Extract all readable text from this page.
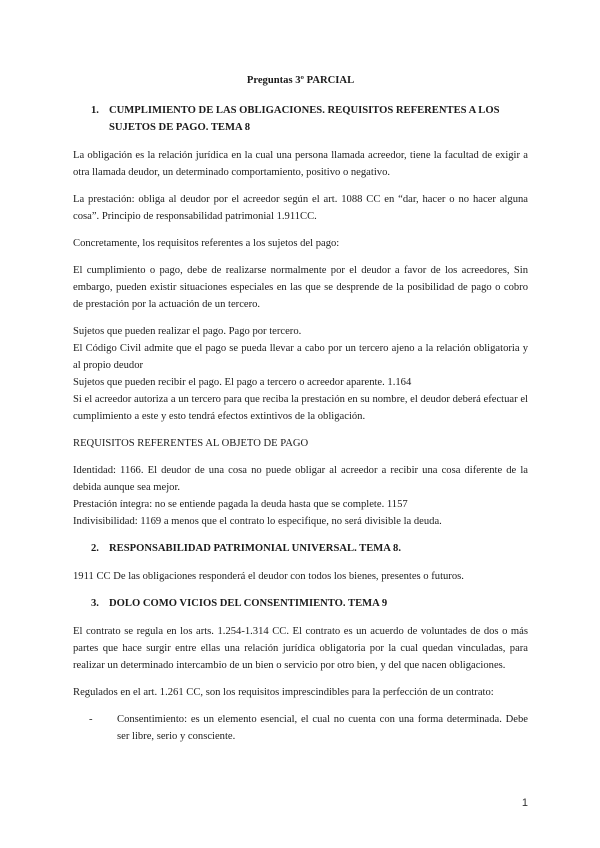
Preguntas 3º PARCIAL
1. CUMPLIMIENTO DE LAS OBLIGACIONES. REQUISITOS REFERENTES A LOS SUJETOS DE PAGO. TEMA 8

La obligación es la relación jurídica en la cual una persona llamada acreedor, tiene la facultad de exigir a otra llamada deudor, un determinado comportamiento, positivo o negativo.

La prestación: obliga al deudor por el acreedor según el art. 1088 CC en “dar, hacer o no hacer alguna cosa”. Principio de responsabilidad patrimonial 1.911CC.

Concretamente, los requisitos referentes a los sujetos del pago:

El cumplimiento o pago, debe de realizarse normalmente por el deudor a favor de los acreedores, Sin embargo, pueden existir situaciones especiales en las que se desprende de la posibilidad de pago o cobro de prestación por la actuación de un tercero.

Sujetos que pueden realizar el pago. Pago por tercero.

El Código Civil admite que el pago se pueda llevar a cabo por un tercero ajeno a la relación obligatoria y al propio deudor

Sujetos que pueden recibir el pago. El pago a tercero o acreedor aparente. 1.164

Si el acreedor autoriza a un tercero para que reciba la prestación en su nombre, el deudor deberá efectuar el cumplimiento a este y esto tendrá efectos extintivos de la obligación.

REQUISITOS REFERENTES AL OBJETO DE PAGO

Identidad: 1166. El deudor de una cosa no puede obligar al acreedor a recibir una cosa diferente de la debida aunque sea mejor.

Prestación íntegra: no se entiende pagada la deuda hasta que se complete. 1157

Indivisibilidad: 1169 a menos que el contrato lo especifique, no será divisible la deuda.

2. RESPONSABILIDAD PATRIMONIAL UNIVERSAL. TEMA 8.

1911 CC De las obligaciones responderá el deudor con todos los bienes, presentes o futuros.

3. DOLO COMO VICIOS DEL CONSENTIMIENTO. TEMA 9

El contrato se regula en los arts. 1.254-1.314 CC. El contrato es un acuerdo de voluntades de dos o más partes que hace surgir entre ellas una relación jurídica obligatoria por la cual quedan vinculadas, para realizar un determinado intercambio de un bien o servicio por otro bien, y del que nacen obligaciones.

Regulados en el art. 1.261 CC, son los requisitos imprescindibles para la perfección de un contrato:

-	Consentimiento: es un elemento esencial, el cual no cuenta con una forma determinada. Debe ser libre, serio y consciente.
1
